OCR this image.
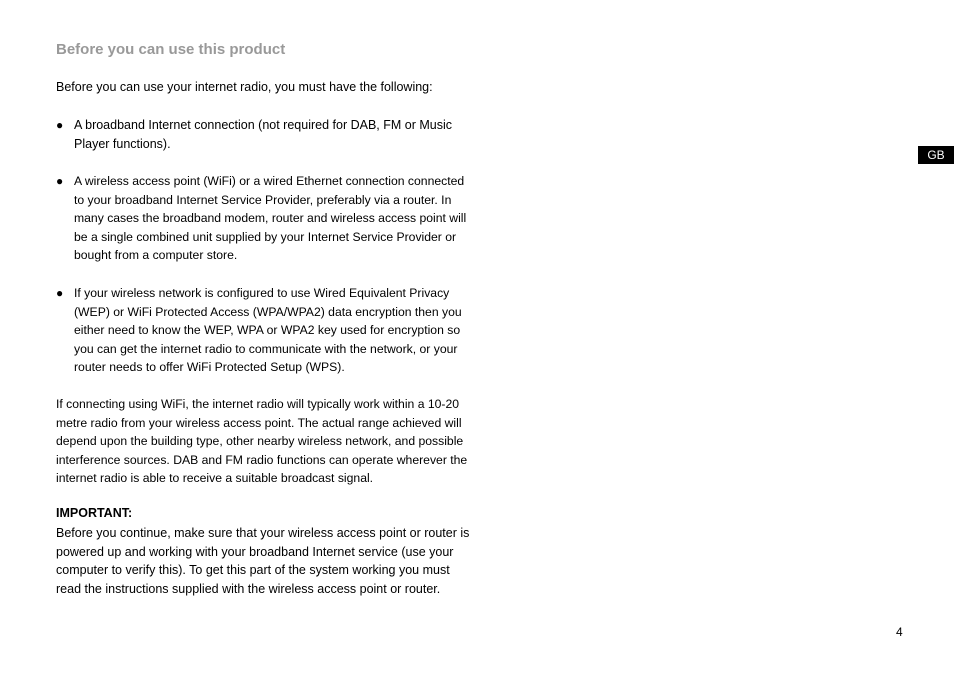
Before you can use this product

Before you can use your internet radio, you must have the following:

● A broadband Internet connection (not required for DAB, FM or Music Player functions).
● A wireless access point (WiFi) or a wired Ethernet connection connected to your broadband Internet Service Provider, preferably via a router. In many cases the broadband modem, router and wireless access point will be a single combined unit supplied by your Internet Service Provider or bought from a computer store.
● If your wireless network is configured to use Wired Equivalent Privacy (WEP) or WiFi Protected Access (WPA/WPA2) data encryption then you either need to know the WEP, WPA or WPA2 key used for encryption so you can get the internet radio to communicate with the network, or your router needs to offer WiFi Protected Setup (WPS).

If connecting using WiFi, the internet radio will typically work within a 10-20 metre radio from your wireless access point. The actual range achieved will depend upon the building type, other nearby wireless network, and possible interference sources. DAB and FM radio functions can operate wherever the internet radio is able to receive a suitable broadcast signal.

IMPORTANT:

Before you continue, make sure that your wireless access point or router is powered up and working with your broadband Internet service (use your computer to verify this). To get this part of the system working you must read the instructions supplied with the wireless access point or router.

GB
4
